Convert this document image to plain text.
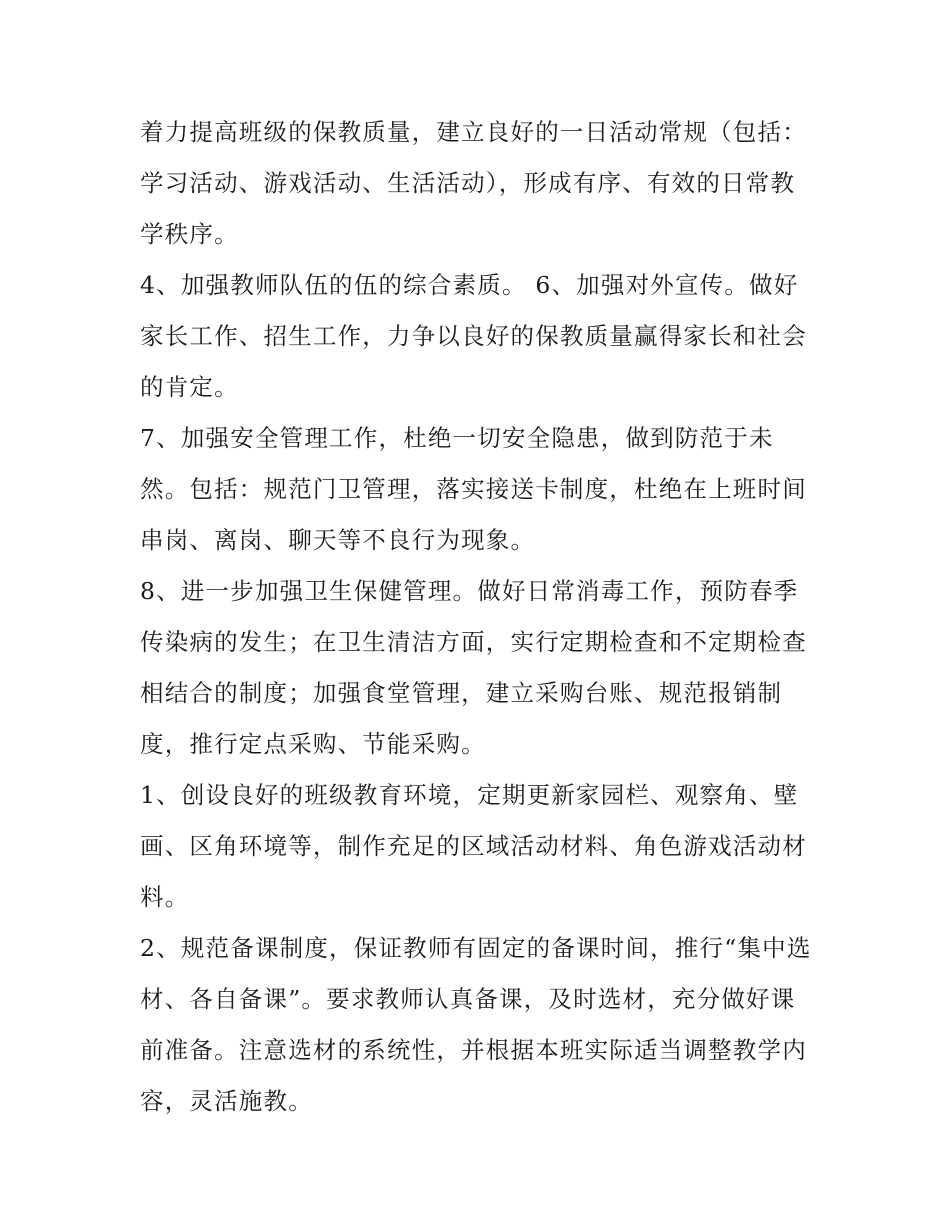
着力提高班级的保教质量，建立良好的一日活动常规（包括：
学习活动、游戏活动、生活活动），形成有序、有效的日常教
学秩序。
4、加强教师队伍的伍的综合素质。 6、加强对外宣传。做好
家长工作、招生工作，力争以良好的保教质量赢得家长和社会
的肯定。
7、加强安全管理工作，杜绝一切安全隐患，做到防范于未
然。包括：规范门卫管理，落实接送卡制度，杜绝在上班时间
串岗、离岗、聊天等不良行为现象。
8、进一步加强卫生保健管理。做好日常消毒工作，预防春季
传染病的发生；在卫生清洁方面，实行定期检查和不定期检查
相结合的制度；加强食堂管理，建立采购台账、规范报销制
度，推行定点采购、节能采购。
1、创设良好的班级教育环境，定期更新家园栏、观察角、壁
画、区角环境等，制作充足的区域活动材料、角色游戏活动材
料。
2、规范备课制度，保证教师有固定的备课时间，推行“集中选
材、各自备课”。要求教师认真备课，及时选材，充分做好课
前准备。注意选材的系统性，并根据本班实际适当调整教学内
容，灵活施教。
